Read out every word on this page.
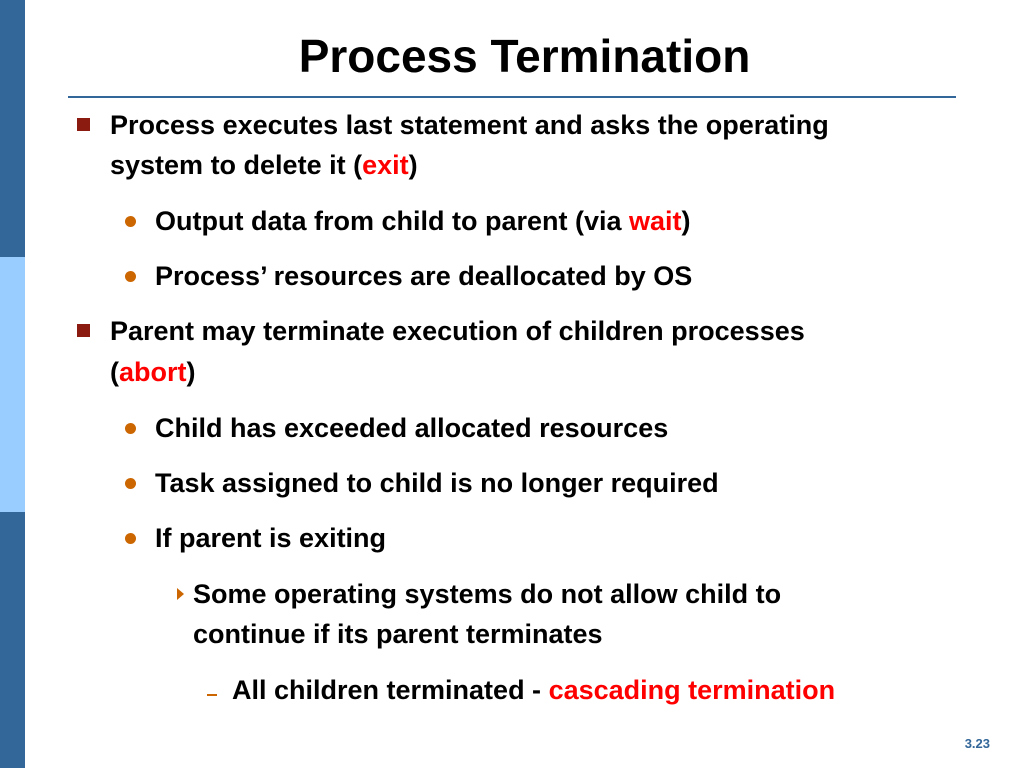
Process Termination
Process executes last statement and asks the operating
system to delete it (exit)
Output data from child to parent (via wait)
Process’ resources are deallocated by OS
Parent may terminate execution of children processes
(abort)
Child has exceeded allocated resources
Task assigned to child is no longer required
If parent is exiting
Some operating systems do not allow child to
continue if its parent terminates
All children terminated - cascading termination
3.23
